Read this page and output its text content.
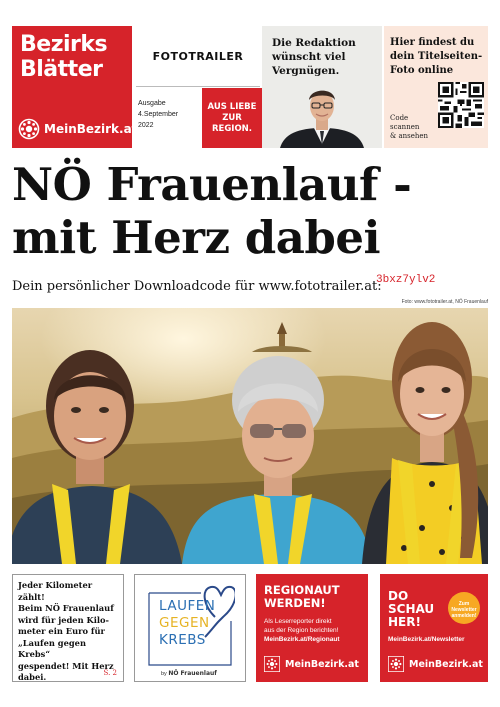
Bezirks
Blätter
MeinBezirk.at
FOTOTRAILER
Ausgabe
4.September
2022
AUS LIEBE
ZUR
REGION.
Die Redaktion
wünscht viel
Vergnügen.
Hier findest du
dein Titelseiten-
Foto online
Code
scannen
& ansehen
NÖ Frauenlauf -
mit Herz dabei
Dein persönlicher Downloadcode für www.fototrailer.at:
3bxz7ylv2
Foto: www.fototrailer.at, NÖ Frauenlauf
Jeder Kilometer zählt!
Beim NÖ Frauenlauf
wird für jeden Kilo-
meter ein Euro für
„Laufen gegen Krebs“
gespendet! Mit Herz
dabei.	S. 2
LAUFEN
GEGEN
KREBS
by NÖ Frauenlauf
REGIONAUT
WERDEN!
Als Leserreporter direkt
aus der Region berichten!
MeinBezirk.at/Regionaut
MeinBezirk.at
DO
SCHAU
HER!
Zum
Newsletter
anmelden!
MeinBezirk.at/Newsletter
MeinBezirk.at
